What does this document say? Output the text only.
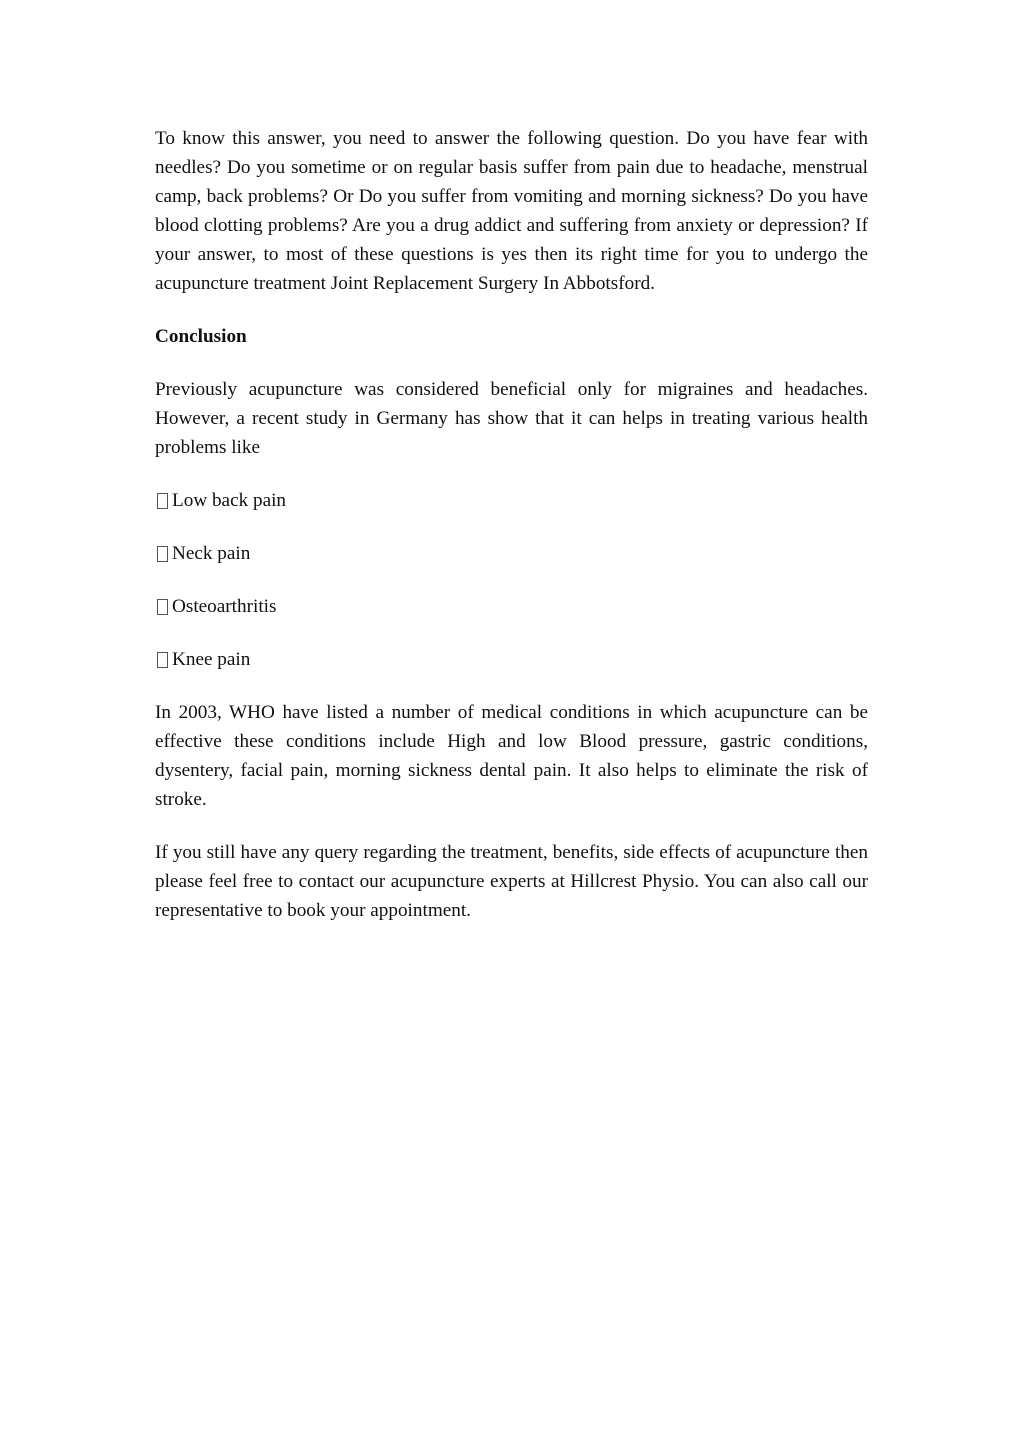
To know this answer, you need to answer the following question. Do you have fear with needles? Do you sometime or on regular basis suffer from pain due to headache, menstrual camp, back problems? Or Do you suffer from vomiting and morning sickness? Do you have blood clotting problems? Are you a drug addict and suffering from anxiety or depression? If your answer, to most of these questions is yes then its right time for you to undergo the acupuncture treatment Joint Replacement Surgery In Abbotsford.

Conclusion

Previously acupuncture was considered beneficial only for migraines and headaches. However, a recent study in Germany has show that it can helps in treating various health problems like

Low back pain
Neck pain
Osteoarthritis
Knee pain

In 2003, WHO have listed a number of medical conditions in which acupuncture can be effective these conditions include High and low Blood pressure, gastric conditions, dysentery, facial pain, morning sickness dental pain. It also helps to eliminate the risk of stroke.

If you still have any query regarding the treatment, benefits, side effects of acupuncture then please feel free to contact our acupuncture experts at Hillcrest Physio. You can also call our representative to book your appointment.
